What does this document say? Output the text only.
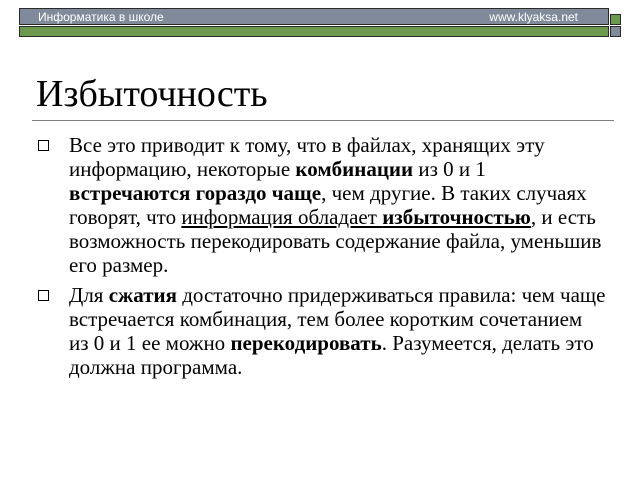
Информатика в школе	www.klyaksa.net
Избыточность
Все это приводит к тому, что в файлах, хранящих эту информацию, некоторые комбинации из 0 и 1 встречаются гораздо чаще, чем другие. В таких случаях говорят, что информация обладает избыточностью, и есть возможность перекодировать содержание файла, уменьшив его размер.
Для сжатия достаточно придерживаться правила: чем чаще встречается комбинация, тем более коротким сочетанием из 0 и 1 ее можно перекодировать. Разумеется, делать это должна программа.
